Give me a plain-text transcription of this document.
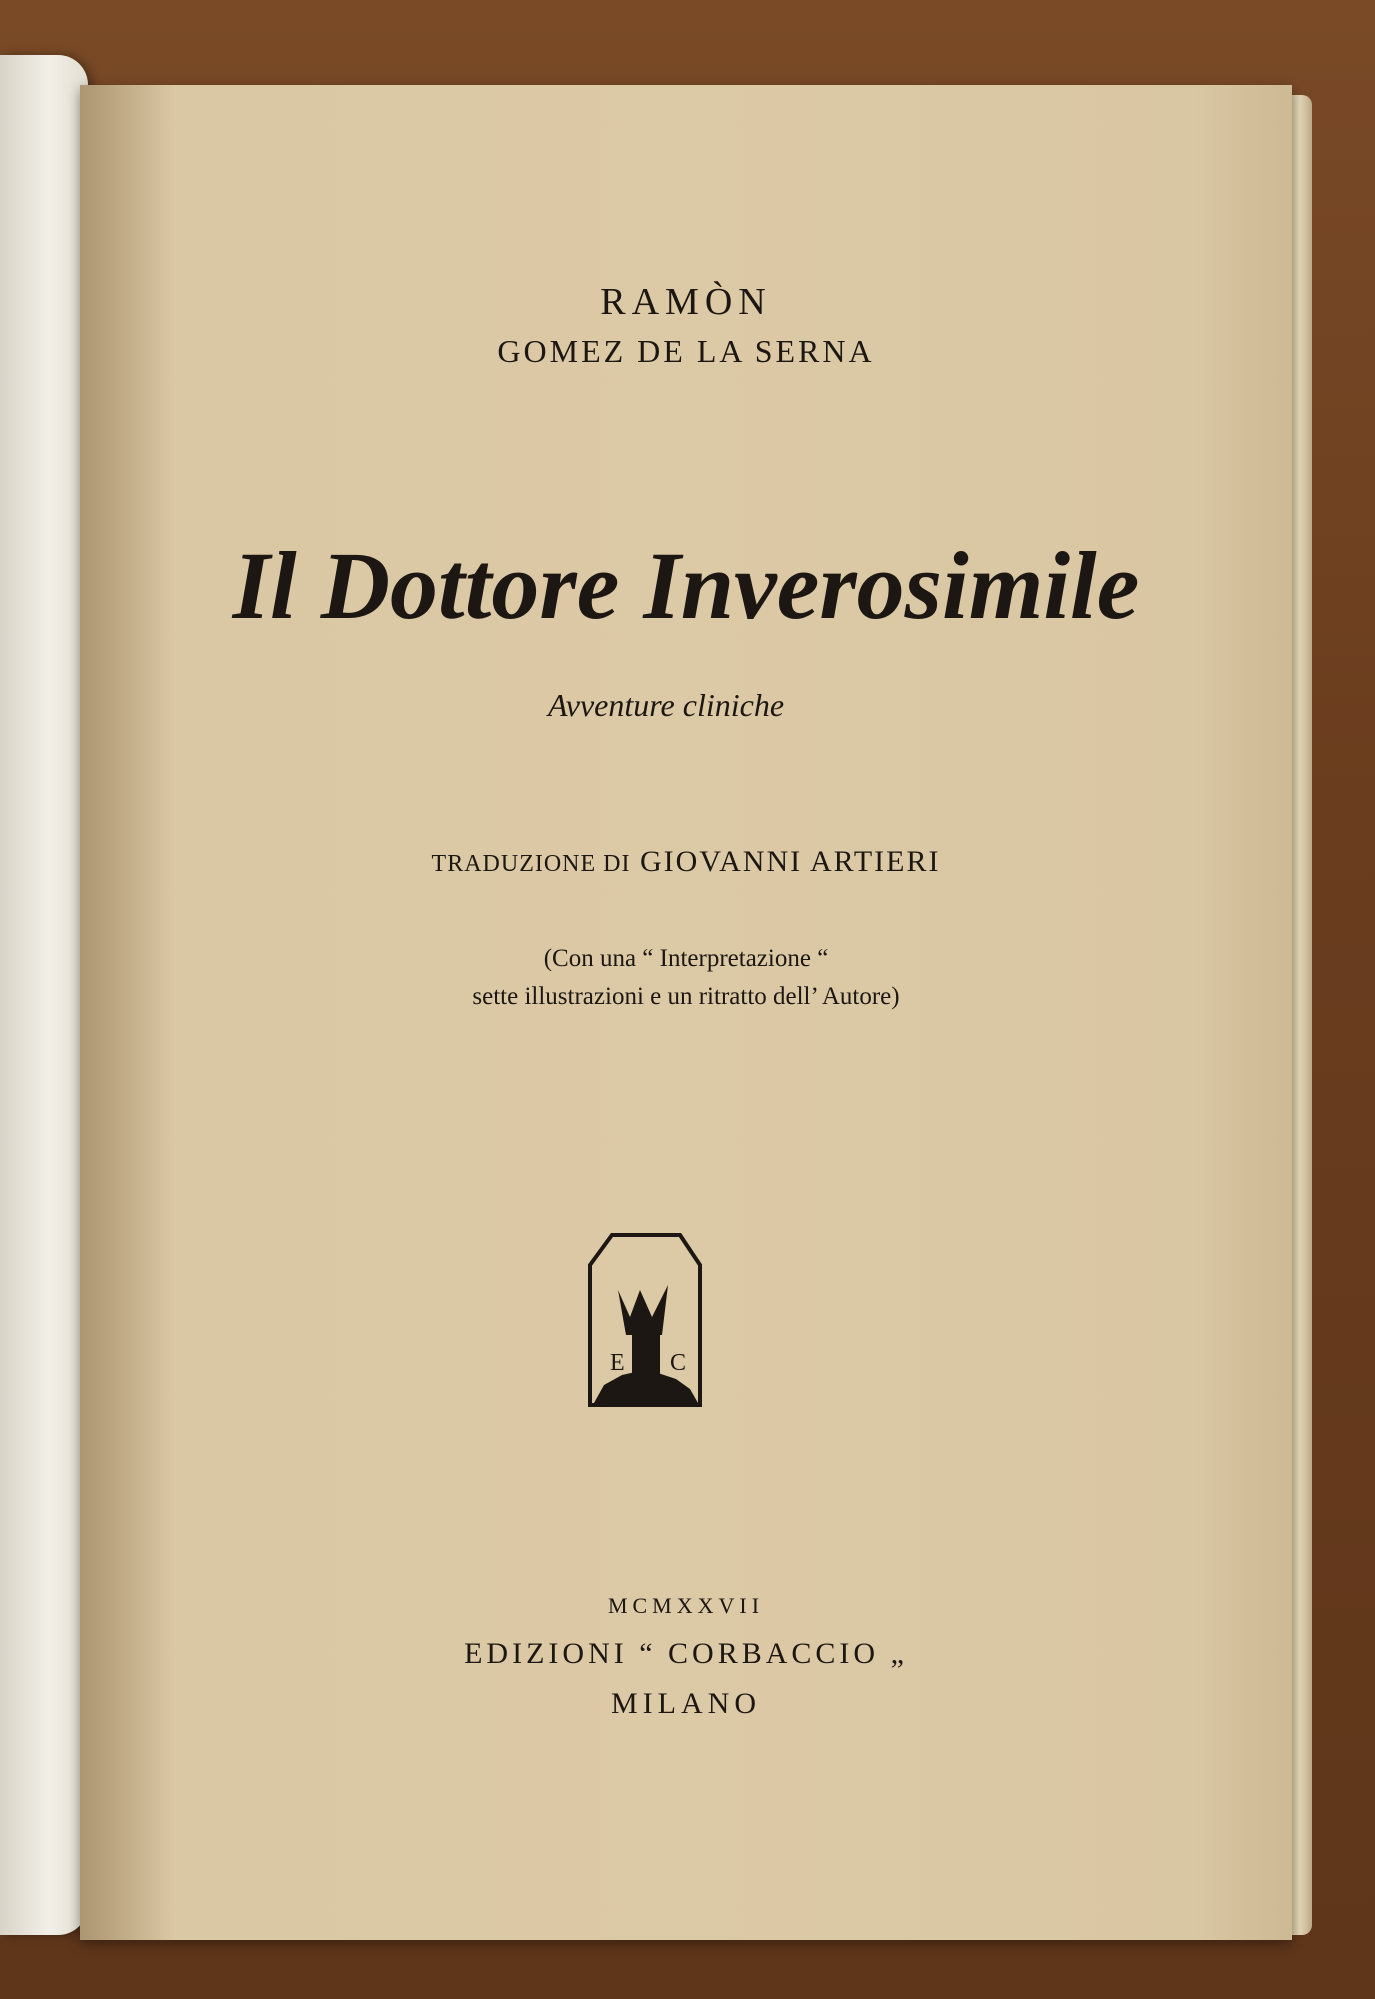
RAMÒN
GOMEZ DE LA SERNA
Il Dottore Inverosimile
Avventure cliniche
TRADUZIONE DI GIOVANNI ARTIERI
(Con una “ Interpretazione “
sette illustrazioni e un ritratto dell’ Autore)
E C
MCMXXVII
EDIZIONI “ CORBACCIO „
MILANO
